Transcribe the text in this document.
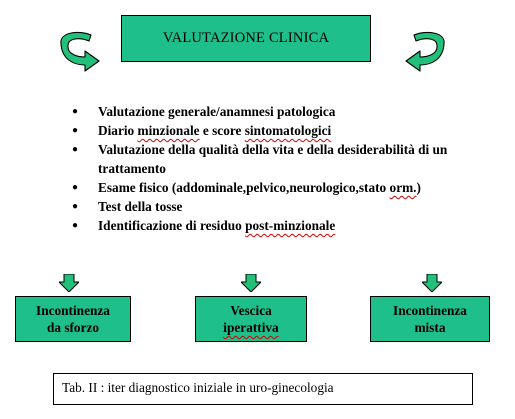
VALUTAZIONE CLINICA
● Valutazione generale/anamnesi patologica
● Diario minzionale e score sintomatologici
● Valutazione della qualità della vita e della desiderabilità di un trattamento
● Esame fisico (addominale,pelvico,neurologico,stato orm.)
● Test della tosse
● Identificazione di residuo post-minzionale
Incontinenza
da sforzo
Vescica
iperattiva
Incontinenza
mista
Tab. II : iter diagnostico iniziale in uro-ginecologia
